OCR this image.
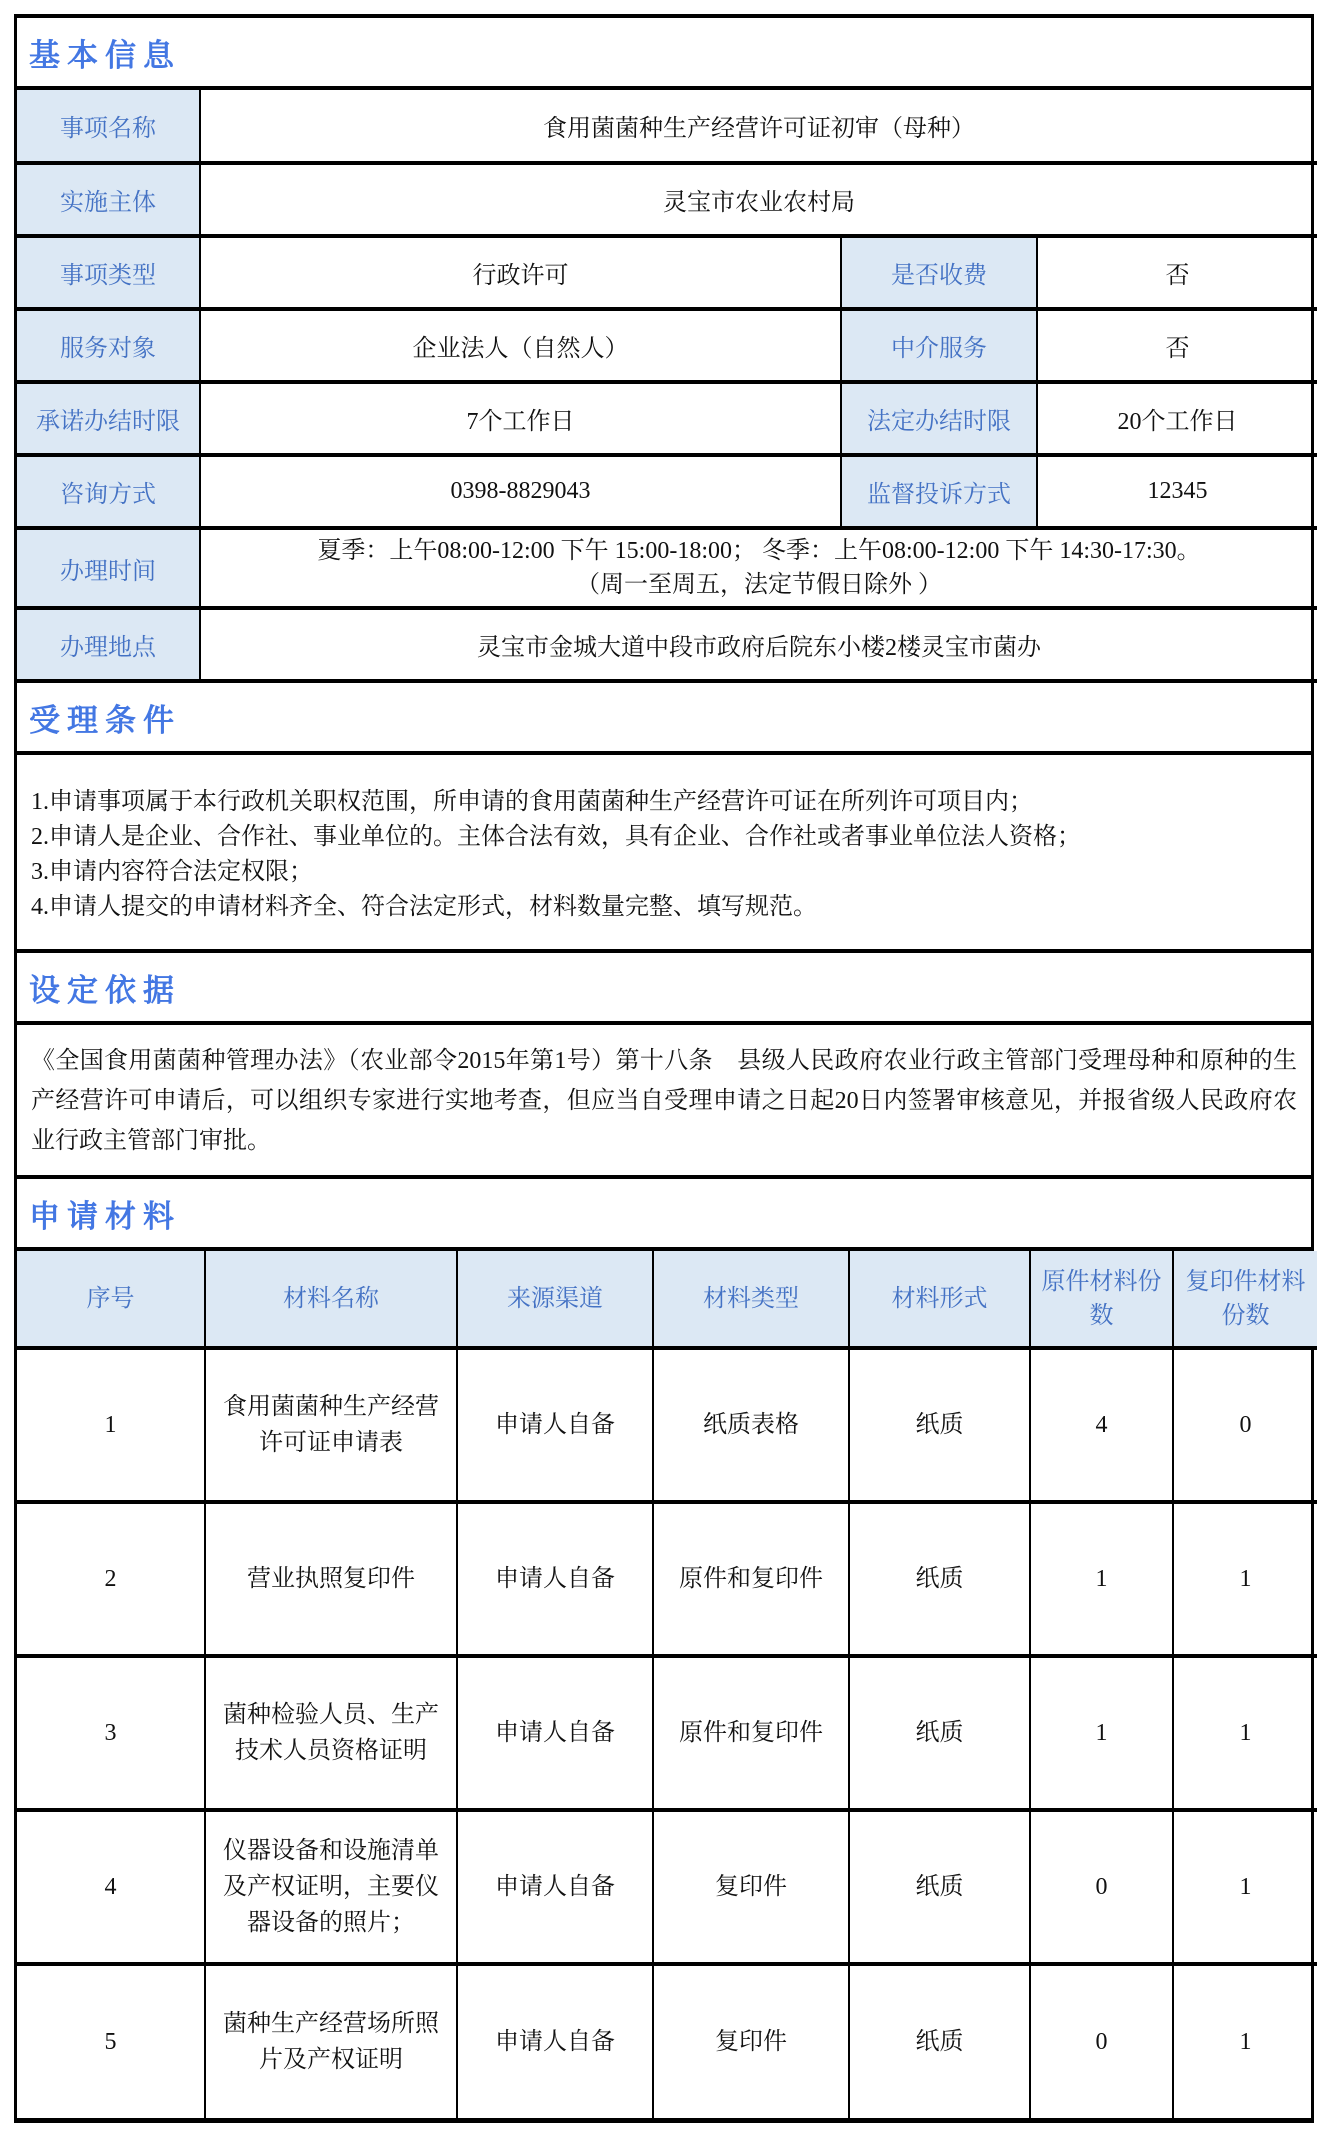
基本信息
事项名称	食用菌菌种生产经营许可证初审（母种）		
实施主体	灵宝市农业农村局		
事项类型	行政许可	是否收费	否
服务对象	企业法人（自然人）	中介服务	否
承诺办结时限	7个工作日	法定办结时限	20个工作日
咨询方式	0398-8829043	监督投诉方式	12345
办理时间	夏季：上午08:00-12:00 下午 15:00-18:00； 冬季：上午08:00-12:00 下午 14:30-17:30。
（周一至周五，法定节假日除外 ）		

办理地点	灵宝市金城大道中段市政府后院东小楼2楼灵宝市菌办		
受理条件

1.申请事项属于本行政机关职权范围，所申请的食用菌菌种生产经营许可证在所列许可项目内；

2.申请人是企业、合作社、事业单位的。主体合法有效，具有企业、合作社或者事业单位法人资格；

3.申请内容符合法定权限；

4.申请人提交的申请材料齐全、符合法定形式，材料数量完整、填写规范。

设定依据
《全国食用菌菌种管理办法》（农业部令2015年第1号）第十八条　县级人民政府农业行政主管部门受理母种和原种的生产经营许可申请后，可以组织专家进行实地考查，但应当自受理申请之日起20日内签署审核意见，并报省级人民政府农业行政主管部门审批。
申请材料
序号	材料名称	来源渠道	材料类型	材料形式	原件材料份数	复印件材料份数
1	食用菌菌种生产经营许可证申请表	申请人自备	纸质表格	纸质	4	0
2	营业执照复印件	申请人自备	原件和复印件	纸质	1	1
3	菌种检验人员、生产技术人员资格证明	申请人自备	原件和复印件	纸质	1	1
4	仪器设备和设施清单及产权证明，主要仪器设备的照片；	申请人自备	复印件	纸质	0	1
5	菌种生产经营场所照片及产权证明	申请人自备	复印件	纸质	0	1
